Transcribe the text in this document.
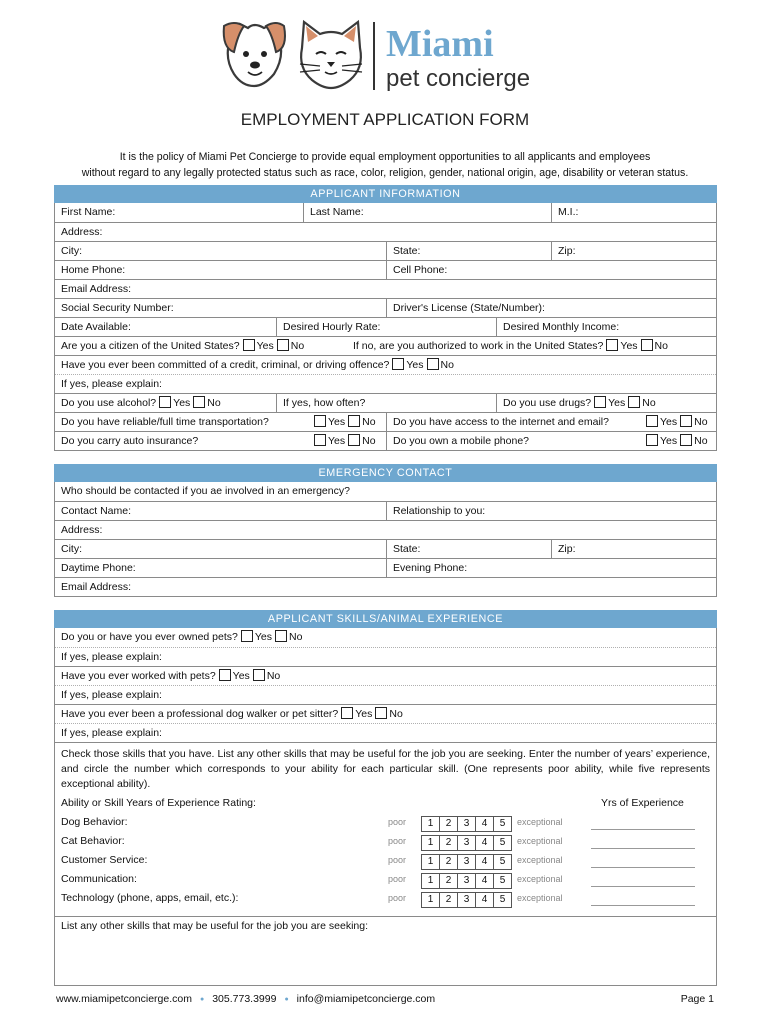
Miami
pet concierge
EMPLOYMENT APPLICATION FORM
It is the policy of Miami Pet Concierge to provide equal employment opportunities to all applicants and employees
without regard to any legally protected status such as race, color, religion, gender, national origin, age, disability or veteran status.
APPLICANT INFORMATION
First Name:	Last Name:	M.I.:
Address:
City:	State:	Zip:
Home Phone:	Cell Phone:
Email Address:
Social Security Number:	Driver's License (State/Number):
Date Available:	Desired Hourly Rate:	Desired Monthly Income:
Are you a citizen of the United States? Yes No	If no, are you authorized to work in the United States? Yes No
Have you ever been committed of a credit, criminal, or driving offence? Yes No
If yes, please explain:
Do you use alcohol? Yes No	If yes, how often?	Do you use drugs? Yes No
Do you have reliable/full time transportation?	Yes No	Do you have access to the internet and email?	Yes No
Do you carry auto insurance?	Yes No	Do you own a mobile phone?	Yes No
EMERGENCY CONTACT
Who should be contacted if you ae involved in an emergency?
Contact Name:	Relationship to you:
Address:
City:	State:	Zip:
Daytime Phone:	Evening Phone:
Email Address:
APPLICANT SKILLS/ANIMAL EXPERIENCE
Do you or have you ever owned pets? Yes No
If yes, please explain:
Have you ever worked with pets? Yes No
If yes, please explain:
Have you ever been a professional dog walker or pet sitter? Yes No
If yes, please explain:
Check those skills that you have. List any other skills that may be useful for the job you are seeking. Enter the number of years’ experience, and circle the number which corresponds to your ability for each particular skill. (One represents poor ability, while five represents exceptional ability).
Ability or Skill Years of Experience Rating:	Yrs of Experience
Dog Behavior:	poor	1	2	3	4	5	exceptional
Cat Behavior:	poor	1	2	3	4	5	exceptional
Customer Service:	poor	1	2	3	4	5	exceptional
Communication:	poor	1	2	3	4	5	exceptional
Technology (phone, apps, email, etc.):	poor	1	2	3	4	5	exceptional
List any other skills that may be useful for the job you are seeking:
www.miamipetconcierge.com ● 305.773.3999 ● info@miamipetconcierge.com	Page 1
